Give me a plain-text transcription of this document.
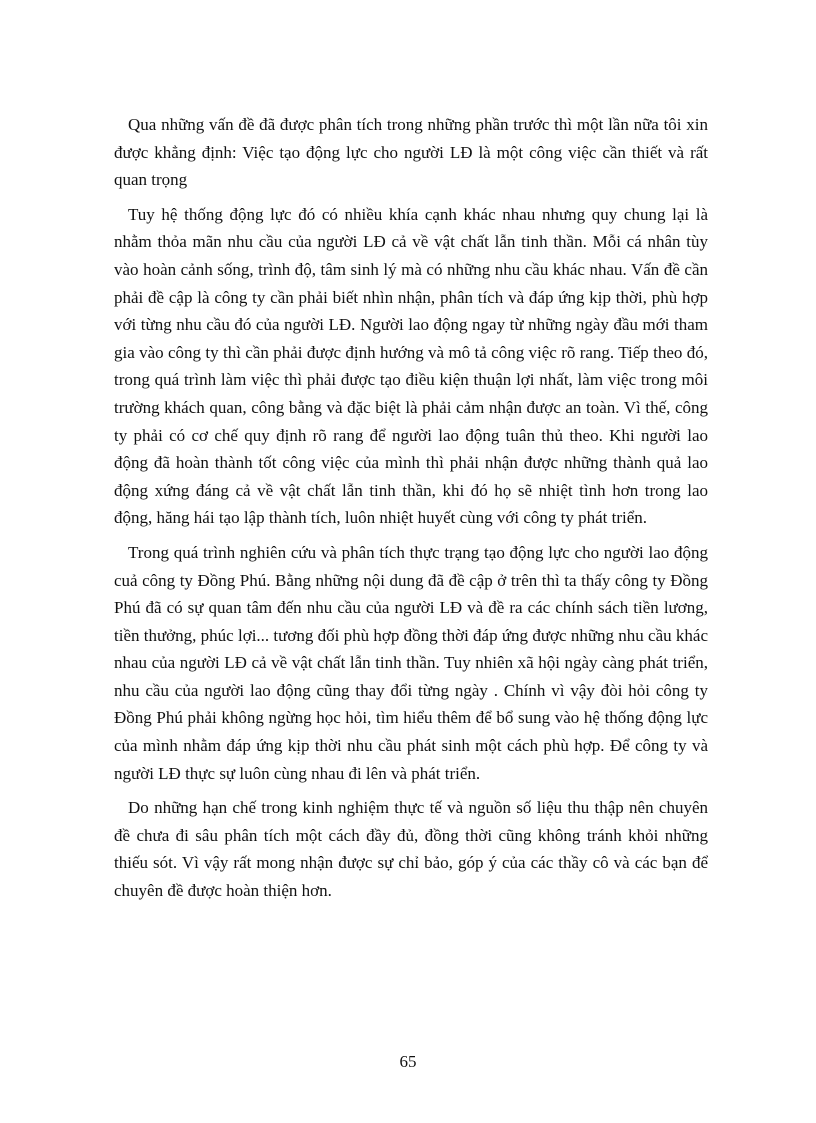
Qua những vấn đề đã được phân tích trong những phần trước thì một lần nữa tôi xin được khẳng định: Việc tạo động lực cho người LĐ là một công việc cần thiết và rất quan trọng

Tuy hệ thống động lực đó có nhiều khía cạnh khác nhau nhưng quy chung lại là nhằm thỏa mãn nhu cầu của người LĐ cả về vật chất lẫn tinh thần. Mỗi cá nhân tùy vào hoàn cảnh sống, trình độ, tâm sinh lý mà có những nhu cầu khác nhau. Vấn đề cần phải đề cập là công ty cần phải biết nhìn nhận, phân tích và đáp ứng kịp thời, phù hợp với từng nhu cầu đó của người LĐ. Người lao động ngay từ những ngày đầu mới tham gia vào công ty thì cần phải được định hướng và mô tả công việc rõ rang. Tiếp theo đó, trong quá trình làm việc thì phải được tạo điều kiện thuận lợi nhất, làm việc trong môi trường khách quan, công bằng và đặc biệt là phải cảm nhận được an toàn. Vì thế, công ty phải có cơ chế quy định rõ rang để người lao động tuân thủ theo. Khi người lao động đã hoàn thành tốt công việc của mình thì phải nhận được những thành quả lao động xứng đáng cả về vật chất lẫn tinh thần, khi đó họ sẽ nhiệt tình hơn trong lao động, hăng hái tạo lập thành tích, luôn nhiệt huyết cùng với công ty phát triển.

Trong quá trình nghiên cứu và phân tích thực trạng tạo động lực cho người lao động cuả công ty Đồng Phú. Bằng những nội dung đã đề cập ở trên thì ta thấy công ty Đồng Phú đã có sự quan tâm đến nhu cầu của người LĐ và đề ra các chính sách tiền lương, tiền thưởng, phúc lợi... tương đối phù hợp đồng thời đáp ứng được những nhu cầu khác nhau của người LĐ cả về vật chất lẫn tinh thần. Tuy nhiên xã hội ngày càng phát triển, nhu cầu của người lao động cũng thay đổi từng ngày . Chính vì vậy đòi hỏi công ty Đồng Phú phải không ngừng học hỏi, tìm hiểu thêm để bổ sung vào hệ thống động lực của mình nhằm đáp ứng kịp thời nhu cầu phát sinh một cách phù hợp. Để công ty và người LĐ thực sự luôn cùng nhau đi lên và phát triển.

Do những hạn chế trong kinh nghiệm thực tế và nguồn số liệu thu thập nên chuyên đề chưa đi sâu phân tích một cách đầy đủ, đồng thời cũng không tránh khỏi những thiếu sót. Vì vậy rất mong nhận được sự chỉ bảo, góp ý của các thầy cô và các bạn để chuyên đề được hoàn thiện hơn.

65
